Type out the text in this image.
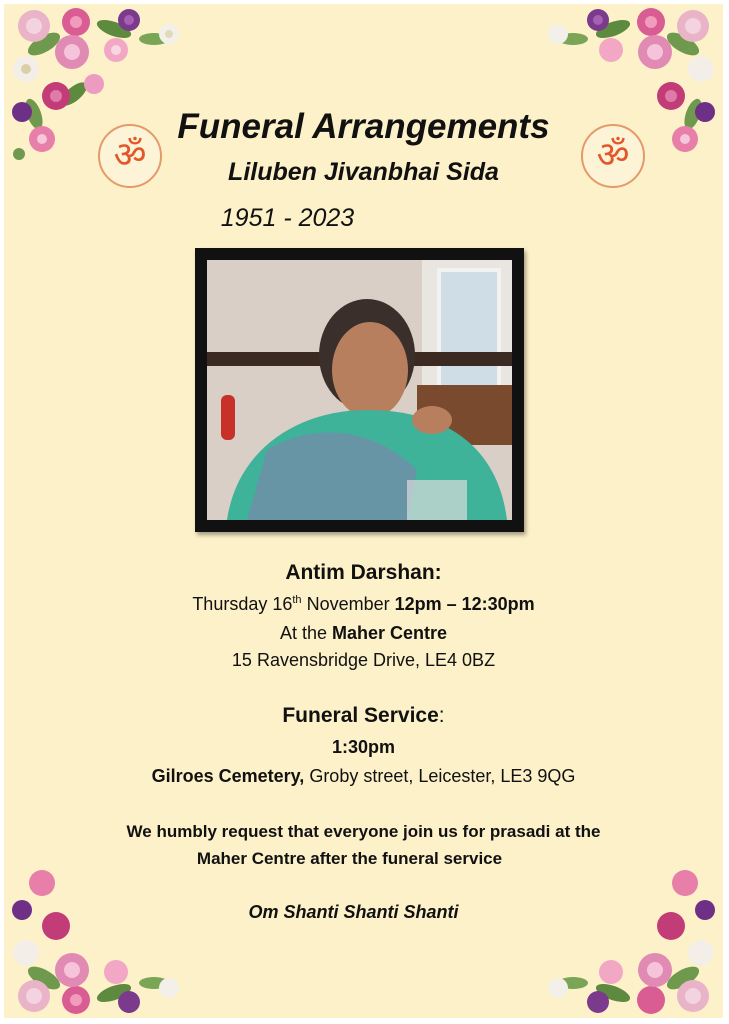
ॐ	ॐ
Funeral Arrangements
Liluben Jivanbhai Sida
1951 - 2023
Antim Darshan:
Thursday 16th November 12pm – 12:30pm
At the Maher Centre
15 Ravensbridge Drive, LE4 0BZ
Funeral Service:
1:30pm
Gilroes Cemetery, Groby street, Leicester, LE3 9QG
We humbly request that everyone join us for prasadi at the
Maher Centre after the funeral service
Om Shanti Shanti Shanti
